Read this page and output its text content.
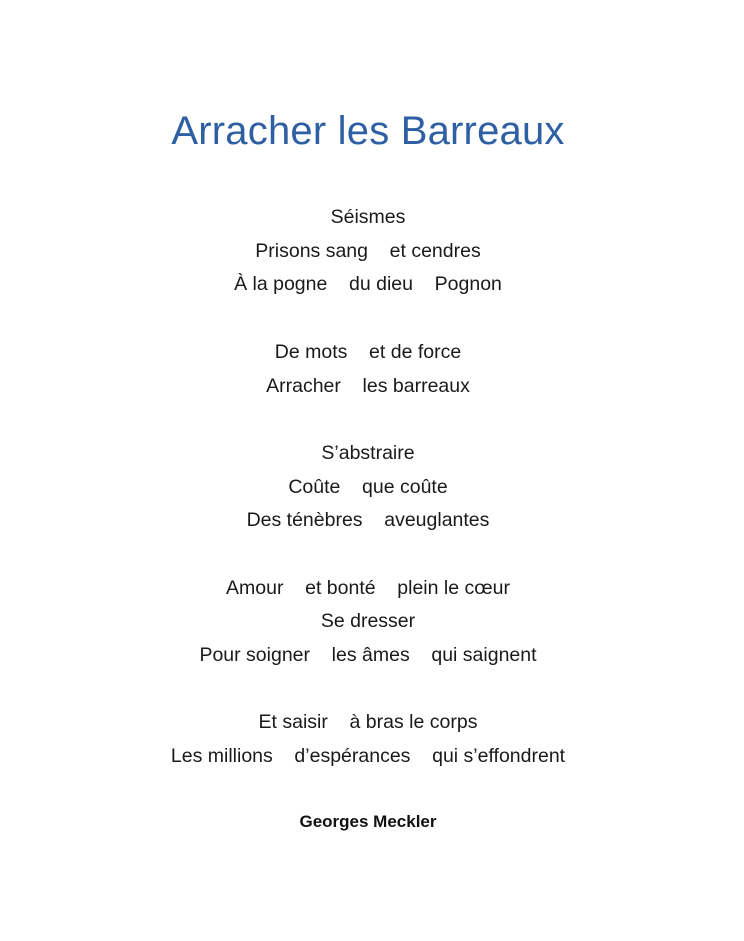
Arracher les Barreaux
Séismes
Prisons sang    et cendres
À la pogne    du dieu    Pognon
De mots    et de force
Arracher    les barreaux
S’abstraire
Coûte    que coûte
Des ténèbres    aveuglantes
Amour    et bonté    plein le cœur
Se dresser
Pour soigner    les âmes    qui saignent
Et saisir    à bras le corps
Les millions    d’espérances    qui s’effondrent
Georges Meckler
